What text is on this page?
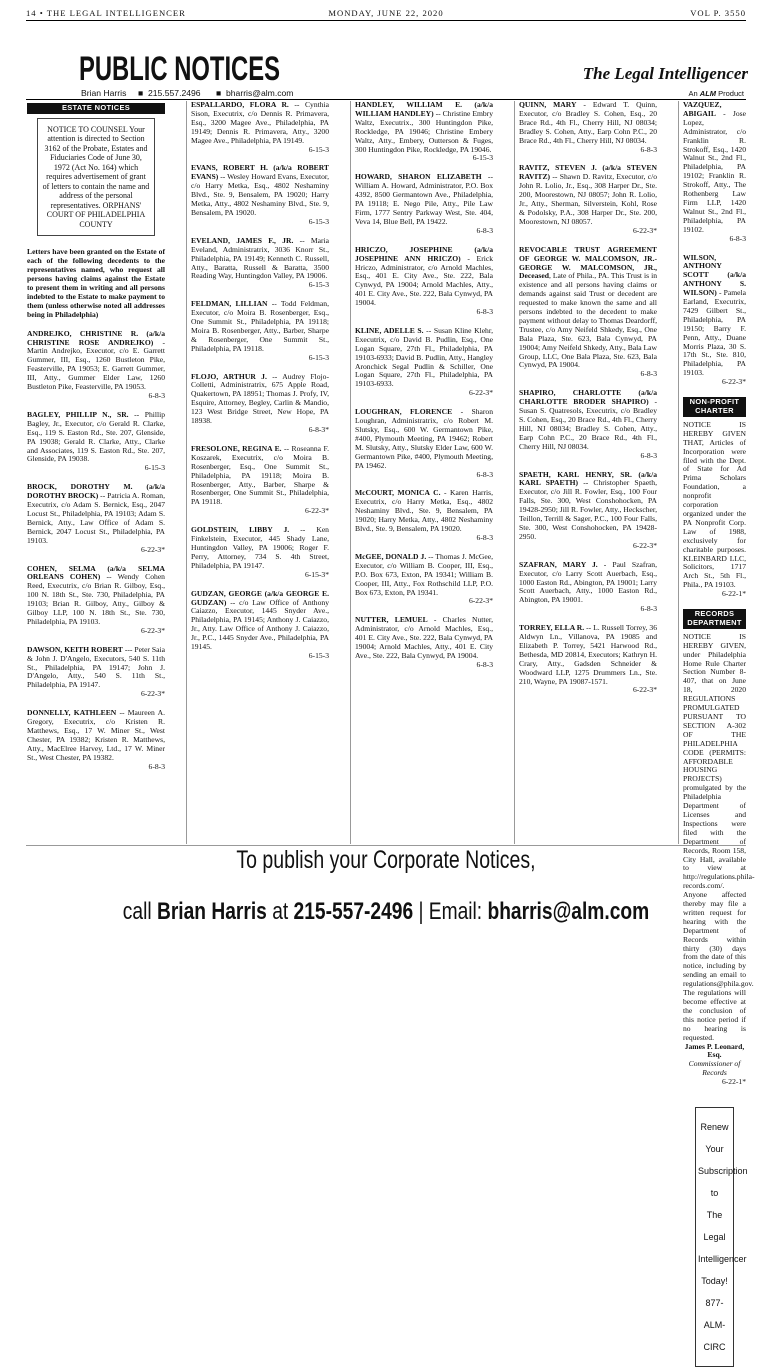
14 • THE LEGAL INTELLIGENCER	MONDAY, JUNE 22, 2020	VOL P. 3550
PUBLIC NOTICES	The Legal Intelligencer
Brian Harris ■ 215.557.2496 ■ bharris@alm.com	An ALM Product
ESTATE NOTICES
NOTICE TO COUNSEL Your attention is directed to Section 3162 of the Probate, Estates and Fiduciaries Code of June 30, 1972 (Act No. 164) which requires advertisement of grant of letters to contain the name and address of the personal representatives. ORPHANS' COURT OF PHILADELPHIA COUNTY
Letters have been granted on the Estate of each of the following decedents to the representatives named, who request all persons having claims against the Estate to present them in writing and all persons indebted to the Estate to make payment to them (unless otherwise noted all addresses being in Philadelphia)
ANDREJKO, CHRISTINE R. (a/k/a CHRISTINE ROSE ANDREJKO) - Martin Andrejko, Executor, c/o E. Garrett Gummer, III, Esq., 1260 Bustleton Pike, Feasterville, PA 19053; E. Garrett Gummer, III, Atty., Gummer Elder Law, 1260 Bustleton Pike, Feasterville, PA 19053.
6-8-3
BAGLEY, PHILLIP N., SR. -- Phillip Bagley, Jr., Executor, c/o Gerald R. Clarke, Esq., 119 S. Easton Rd., Ste. 207, Glenside, PA 19038; Gerald R. Clarke, Atty., Clarke and Associates, 119 S. Easton Rd., Ste. 207, Glenside, PA 19038.
6-15-3
BROCK, DOROTHY M. (a/k/a DOROTHY BROCK) -- Patricia A. Roman, Executrix, c/o Adam S. Bernick, Esq., 2047 Locust St., Philadelphia, PA 19103; Adam S. Bernick, Atty., Law Office of Adam S. Bernick, 2047 Locust St., Philadelphia, PA 19103.
6-22-3*
COHEN, SELMA (a/k/a SELMA ORLEANS COHEN) -- Wendy Cohen Reed, Executrix, c/o Brian R. Gilboy, Esq., 100 N. 18th St., Ste. 730, Philadelphia, PA 19103; Brian R. Gilboy, Atty., Gilboy & Gilboy LLP, 100 N. 18th St., Ste. 730, Philadelphia, PA 19103.
6-22-3*
DAWSON, KEITH ROBERT --- Peter Saia & John J. D'Angelo, Executors, 540 S. 11th St., Philadelphia, PA 19147; John J. D'Angelo, Atty., 540 S. 11th St., Philadelphia, PA 19147.
6-22-3*
DONNELLY, KATHLEEN -- Maureen A. Gregory, Executrix, c/o Kristen R. Matthews, Esq., 17 W. Miner St., West Chester, PA 19382; Kristen R. Matthews, Atty., MacElree Harvey, Ltd., 17 W. Miner St., West Chester, PA 19382.
6-8-3
ESPALLARDO, FLORA R. -- Cynthia Sison, Executrix, c/o Dennis R. Primavera, Esq., 3200 Magee Ave., Philadelphia, PA 19149; Dennis R. Primavera, Atty., 3200 Magee Ave., Philadelphia, PA 19149.
6-15-3
EVANS, ROBERT H. (a/k/a ROBERT EVANS) -- Wesley Howard Evans, Executor, c/o Harry Metka, Esq., 4802 Neshaminy Blvd., Ste. 9, Bensalem, PA 19020; Harry Metka, Atty., 4802 Neshaminy Blvd., Ste. 9, Bensalem, PA 19020.
6-15-3
EVELAND, JAMES F., JR. -- Maria Eveland, Administratrix, 3036 Knorr St., Philadelphia, PA 19149; Kenneth C. Russell, Atty., Baratta, Russell & Baratta, 3500 Reading Way, Huntingdon Valley, PA 19006.
6-15-3
FELDMAN, LILLIAN -- Todd Feldman, Executor, c/o Moira B. Rosenberger, Esq., One Summit St., Philadelphia, PA 19118; Moira B. Rosenberger, Atty., Barber, Sharpe & Rosenberger, One Summit St., Philadelphia, PA 19118.
6-15-3
FLOJO, ARTHUR J. -- Audrey Flojo-Colletti, Administratrix, 675 Apple Road, Quakertown, PA 18951; Thomas J. Profy, IV, Esquire, Attorney, Begley, Carlin & Mandio, 123 West Bridge Street, New Hope, PA 18938.
6-8-3*
FRESOLONE, REGINA E. -- Roseanna F. Koszarek, Executrix, c/o Moira B. Rosenberger, Esq., One Summit St., Philadelphia, PA 19118; Moira B. Rosenberger, Atty., Barber, Sharpe & Rosenberger, One Summit St., Philadelphia, PA 19118.
6-22-3*
GOLDSTEIN, LIBBY J. -- Ken Finkelstein, Executor, 445 Shady Lane, Huntingdon Valley, PA 19006; Roger F. Perry, Attorney, 734 S. 4th Street, Philadelphia, PA 19147.
6-15-3*
GUDZAN, GEORGE (a/k/a GEORGE E. GUDZAN) -- c/o Law Office of Anthony Caiazzo, Executor, 1445 Snyder Ave., Philadelphia, PA 19145; Anthony J. Caiazzo, Jr., Atty. Law Office of Anthony J. Caiazzo, Jr., P.C., 1445 Snyder Ave., Philadelphia, PA 19145.
6-15-3
HANDLEY, WILLIAM E. (a/k/a WILLIAM HANDLEY) -- Christine Embry Waltz, Executrix., 300 Huntingdon Pike, Rockledge, PA 19046; Christine Embery Waltz, Atty., Embery, Outterson & Fuges, 300 Huntingdon Pike, Rockledge, PA 19046.
6-15-3
HOWARD, SHARON ELIZABETH -- William A. Howard, Administrator, P.O. Box 4392, 8500 Germantown Ave., Philadelphia, PA 19118; E. Nego Pile, Atty., Pile Law Firm, 1777 Sentry Parkway West, Ste. 404, Veva 14, Blue Bell, PA 19422.
6-8-3
HRICZO, JOSEPHINE (a/k/a JOSEPHINE ANN HRICZO) - Erick Hriczo, Administrator, c/o Arnold Machles, Esq., 401 E. City Ave., Ste. 222, Bala Cynwyd, PA 19004; Arnold Machles, Atty., 401 E. City Ave., Ste. 222, Bala Cynwyd, PA 19004.
6-8-3
KLINE, ADELLE S. -- Susan Kline Klehr, Executrix, c/o David B. Pudlin, Esq., One Logan Square, 27th Fl., Philadelphia, PA 19103-6933; David B. Pudlin, Atty., Hangley Aronchick Segal Pudlin & Schiller, One Logan Square, 27th Fl., Philadelphia, PA 19103-6933.
6-22-3*
LOUGHRAN, FLORENCE - Sharon Loughran, Administratrix, c/o Robert M. Slutsky, Esq., 600 W. Germantown Pike, #400, Plymouth Meeting, PA 19462; Robert M. Slutsky, Atty., Slutsky Elder Law, 600 W. Germantown Pike, #400, Plymouth Meeting, PA 19462.
6-8-3
McCOURT, MONICA C. - Karen Harris, Executrix, c/o Harry Metka, Esq., 4802 Neshaminy Blvd., Ste. 9, Bensalem, PA 19020; Harry Metka, Atty., 4802 Neshaminy Blvd., Ste. 9, Bensalem, PA 19020.
6-8-3
McGEE, DONALD J. -- Thomas J. McGee, Executor, c/o William B. Cooper, III, Esq., P.O. Box 673, Exton, PA 19341; William B. Cooper, III, Atty., Fox Rothschild LLP, P.O. Box 673, Exton, PA 19341.
6-22-3*
NUTTER, LEMUEL - Charles Nutter, Administrator, c/o Arnold Machles, Esq., 401 E. City Ave., Ste. 222, Bala Cynwyd, PA 19004; Arnold Machles, Atty., 401 E. City Ave., Ste. 222, Bala Cynwyd, PA 19004.
6-8-3
QUINN, MARY - Edward T. Quinn, Executor, c/o Bradley S. Cohen, Esq., 20 Brace Rd., 4th Fl., Cherry Hill, NJ 08034; Bradley S. Cohen, Atty., Earp Cohn P.C., 20 Brace Rd., 4th Fl., Cherry Hill, NJ 08034.
6-8-3
RAVITZ, STEVEN J. (a/k/a STEVEN RAVITZ) -- Shawn D. Ravitz, Executor, c/o John R. Lolio, Jr., Esq., 308 Harper Dr., Ste. 200, Moorestown, NJ 08057; John R. Lolio, Jr., Atty., Sherman, Silverstein, Kohl, Rose & Podolsky, P.A., 308 Harper Dr., Ste. 200, Moorestown, NJ 08057.
6-22-3*
REVOCABLE TRUST AGREEMENT OF GEORGE W. MALCOMSON, JR.- GEORGE W. MALCOMSON, JR., Deceased, Late of Phila., PA. This Trust is in existence and all persons having claims or demands against said Trust or decedent are requested to make known the same and all persons indebted to the decedent to make payment without delay to Thomas Deardorff, Trustee, c/o Amy Neifeld Shkedy, Esq., One Bala Plaza, Ste. 623, Bala Cynwyd, PA 19004; Amy Neifeld Shkedy, Atty., Bala Law Group, LLC, One Bala Plaza, Ste. 623, Bala Cynwyd, PA 19004.
6-8-3
SHAPIRO, CHARLOTTE (a/k/a CHARLOTTE BRODER SHAPIRO) - Susan S. Quatresols, Executrix, c/o Bradley S. Cohen, Esq., 20 Brace Rd., 4th Fl., Cherry Hill, NJ 08034; Bradley S. Cohen, Atty., Earp Cohn P.C., 20 Brace Rd., 4th Fl., Cherry Hill, NJ 08034.
6-8-3
SPAETH, KARL HENRY, SR. (a/k/a KARL SPAETH) -- Christopher Spaeth, Executor, c/o Jill R. Fowler, Esq., 100 Four Falls, Ste. 300, West Conshohocken, PA 19428-2950; Jill R. Fowler, Atty., Heckscher, Teillon, Terrill & Sager, P.C., 100 Four Falls, Ste. 300, West Conshohocken, PA 19428-2950.
6-22-3*
SZAFRAN, MARY J. - Paul Szafran, Executor, c/o Larry Scott Auerbach, Esq., 1000 Easton Rd., Abington, PA 19001; Larry Scott Auerbach, Atty., 1000 Easton Rd., Abington, PA 19001.
6-8-3
TORREY, ELLA R. -- L. Russell Torrey, 36 Aldwyn Ln., Villanova, PA 19085 and Elizabeth P. Torrey, 5421 Harwood Rd., Bethesda, MD 20814, Executors; Kathryn H. Crary, Atty., Gadsden Schneider & Woodward LLP, 1275 Drummers Ln., Ste. 210, Wayne, PA 19087-1571.
6-22-3*
VAZQUEZ, ABIGAIL - Jose Lopez, Administrator, c/o Franklin R. Strokoff, Esq., 1420 Walnut St., 2nd Fl., Philadelphia, PA 19102; Franklin R. Strokoff, Atty., The Rothenberg Law Firm LLP, 1420 Walnut St., 2nd Fl., Philadelphia, PA 19102.
6-8-3
WILSON, ANTHONY SCOTT (a/k/a ANTHONY S. WILSON) - Pamela Earland, Executrix, 7429 Gilbert St., Philadelphia, PA 19150; Barry F. Penn, Atty., Duane Morris Plaza, 30 S. 17th St., Ste. 810, Philadelphia, PA 19103.
6-22-3*
NON-PROFIT CHARTER
NOTICE IS HEREBY GIVEN THAT, Articles of Incorporation were filed with the Dept. of State for Ad Prima Scholars Foundation, a nonprofit corporation organized under the PA Nonprofit Corp. Law of 1988, exclusively for charitable purposes. KLEINBARD LLC, Solicitors, 1717 Arch St., 5th Fl., Phila., PA 19103.
6-22-1*
RECORDS DEPARTMENT
NOTICE IS HEREBY GIVEN, under Philadelphia Home Rule Charter Section Number 8-407, that on June 18, 2020 REGULATIONS PROMULGATED PURSUANT TO SECTION A-302 OF THE PHILADELPHIA CODE (PERMITS: AFFORDABLE HOUSING PROJECTS) promulgated by the Philadelphia Department of Licenses and Inspections were filed with the Department of Records, Room 158, City Hall, available to view at http://regulations.phila-records.com/. Anyone affected thereby may file a written request for hearing with the Department of Records within thirty (30) days from the date of this notice, including by sending an email to regulations@phila.gov. The regulations will become effective at the conclusion of this notice period if no hearing is requested.
James P. Leonard, Esq.
Commissioner of Records
6-22-1*
Renew Your
Subscription to
The Legal Intelligencer
Today!
877-ALM-CIRC
To publish your Corporate Notices,
call Brian Harris at 215-557-2496 | Email: bharris@alm.com
